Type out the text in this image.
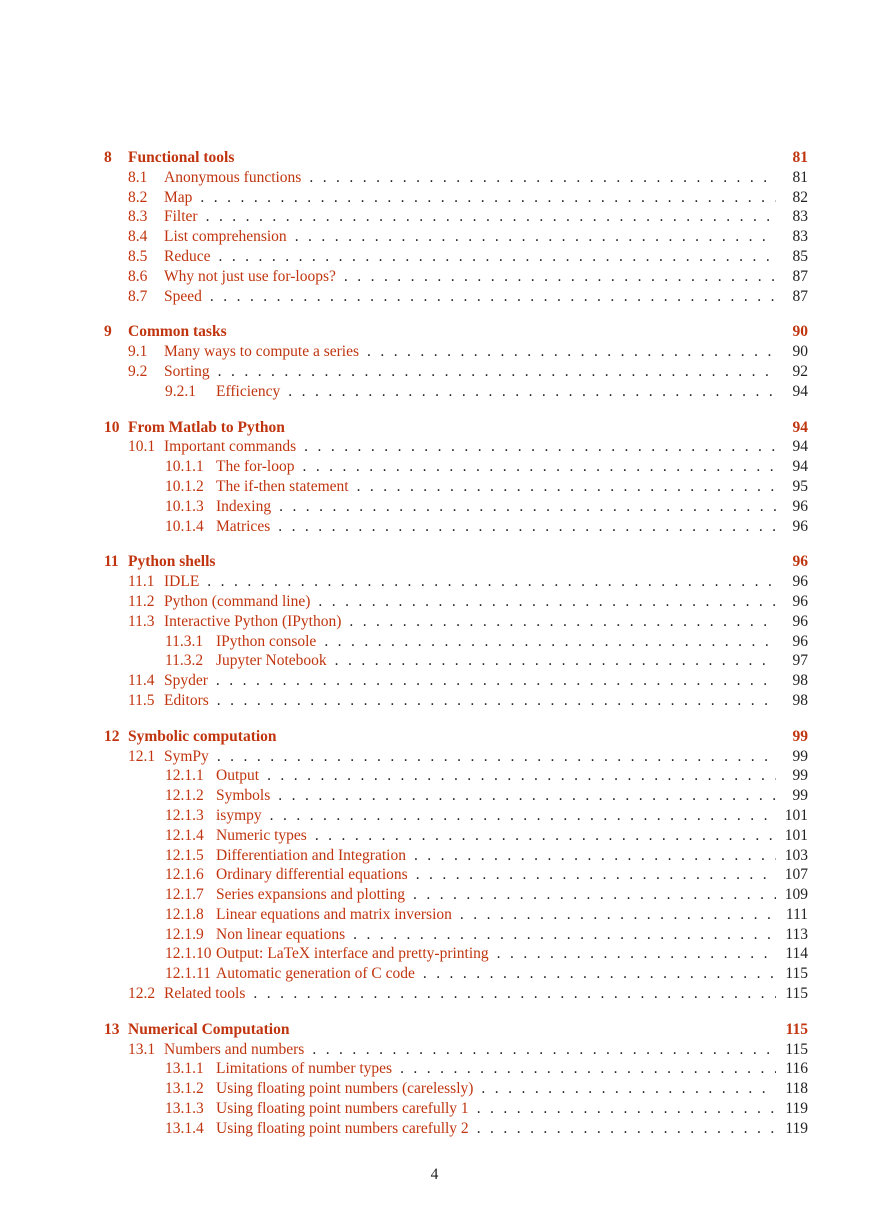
8	Functional tools	81
8.1	Anonymous functions . . .	81
8.2	Map . . .	82
8.3	Filter . . .	83
8.4	List comprehension . . .	83
8.5	Reduce . . .	85
8.6	Why not just use for-loops? . . .	87
8.7	Speed . . .	87
9	Common tasks	90
9.1	Many ways to compute a series . . .	90
9.2	Sorting . . .	92
9.2.1	Efficiency . . .	94
10 From Matlab to Python	94
10.1 Important commands . . .	94
10.1.1 The for-loop . . .	94
10.1.2 The if-then statement . . .	95
10.1.3 Indexing . . .	96
10.1.4 Matrices . . .	96
11 Python shells	96
11.1 IDLE . . .	96
11.2 Python (command line) . . .	96
11.3 Interactive Python (IPython) . . .	96
11.3.1 IPython console . . .	96
11.3.2 Jupyter Notebook . . .	97
11.4 Spyder . . .	98
11.5 Editors . . .	98
12 Symbolic computation	99
12.1 SymPy . . .	99
12.1.1 Output . . .	99
12.1.2 Symbols . . .	99
12.1.3 isympy . . .	101
12.1.4 Numeric types . . .	101
12.1.5 Differentiation and Integration . . .	103
12.1.6 Ordinary differential equations . . .	107
12.1.7 Series expansions and plotting . . .	109
12.1.8 Linear equations and matrix inversion . . .	111
12.1.9 Non linear equations . . .	113
12.1.10 Output: LaTeX interface and pretty-printing . . .	114
12.1.11 Automatic generation of C code . . .	115
12.2 Related tools . . .	115
13 Numerical Computation	115
13.1 Numbers and numbers . . .	115
13.1.1 Limitations of number types . . .	116
13.1.2 Using floating point numbers (carelessly) . . .	118
13.1.3 Using floating point numbers carefully 1 . . .	119
13.1.4 Using floating point numbers carefully 2 . . .	119
4
